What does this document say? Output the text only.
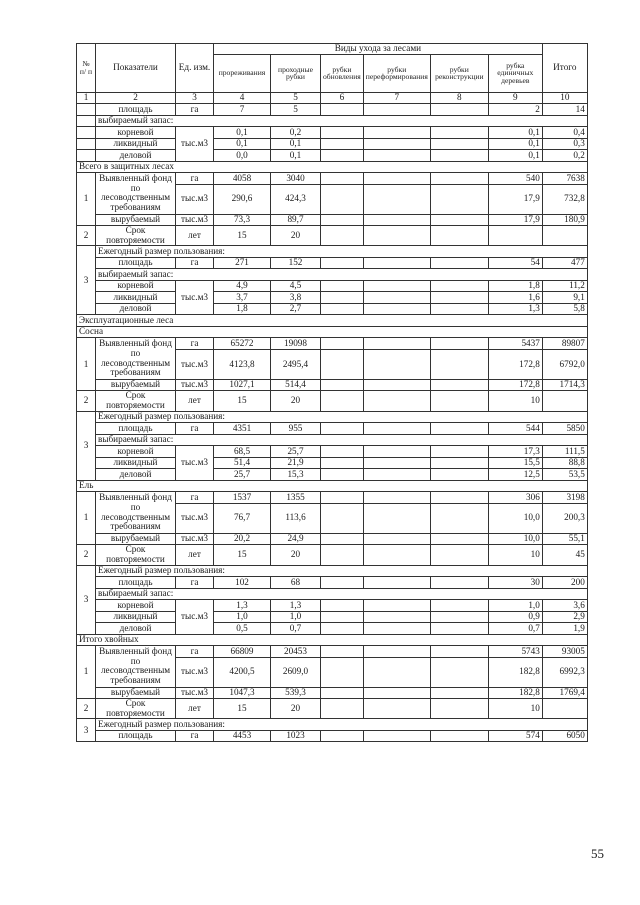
№ п/ п	Показатели	Ед. изм.	Виды ухода за лесами						Итого
			прореживания	проходные рубки	рубки обновления	рубки переформирования	рубки реконструкции	рубка единичных деревьев	
1	2	3	4	5	6	7	8	9	10
	площадь	га	7	5				2	14
	выбираемый запас:								
	корневой	тыс.м3	0,1	0,2				0,1	0,4
	ликвидный		0,1	0,1				0,1	0,3
	деловой		0,0	0,1				0,1	0,2
Всего в защитных лесах									
1	Выявленный фонд по лесоводственным требованиям	га	4058	3040				540	7638
		тыс.м3	290,6	424,3				17,9	732,8
	вырубаемый	тыс.м3	73,3	89,7				17,9	180,9
2	Срок повторяемости	лет	15	20					
3	Ежегодный размер пользования:								
	площадь	га	271	152				54	477
	выбираемый запас:								
	корневой	тыс.м3	4,9	4,5				1,8	11,2
	ликвидный		3,7	3,8				1,6	9,1
	деловой		1,8	2,7				1,3	5,8
Эксплуатационные леса									
Сосна									
1	Выявленный фонд по лесоводственным требованиям	га	65272	19098				5437	89807
		тыс.м3	4123,8	2495,4				172,8	6792,0
	вырубаемый	тыс.м3	1027,1	514,4				172,8	1714,3
2	Срок повторяемости	лет	15	20				10	
3	Ежегодный размер пользования:								
	площадь	га	4351	955				544	5850
	выбираемый запас:								
	корневой	тыс.м3	68,5	25,7				17,3	111,5
	ликвидный		51,4	21,9				15,5	88,8
	деловой		25,7	15,3				12,5	53,5
Ель									
1	Выявленный фонд по лесоводственным требованиям	га	1537	1355				306	3198
		тыс.м3	76,7	113,6				10,0	200,3
	вырубаемый	тыс.м3	20,2	24,9				10,0	55,1
2	Срок повторяемости	лет	15	20				10	45
3	Ежегодный размер пользования:								
	площадь	га	102	68				30	200
	выбираемый запас:								
	корневой	тыс.м3	1,3	1,3				1,0	3,6
	ликвидный		1,0	1,0				0,9	2,9
	деловой		0,5	0,7				0,7	1,9
Итого хвойных									
1	Выявленный фонд по лесоводственным требованиям	га	66809	20453				5743	93005
		тыс.м3	4200,5	2609,0				182,8	6992,3
	вырубаемый	тыс.м3	1047,3	539,3				182,8	1769,4
2	Срок повторяемости	лет	15	20				10	
3	Ежегодный размер пользования:								
	площадь	га	4453	1023				574	6050
55
